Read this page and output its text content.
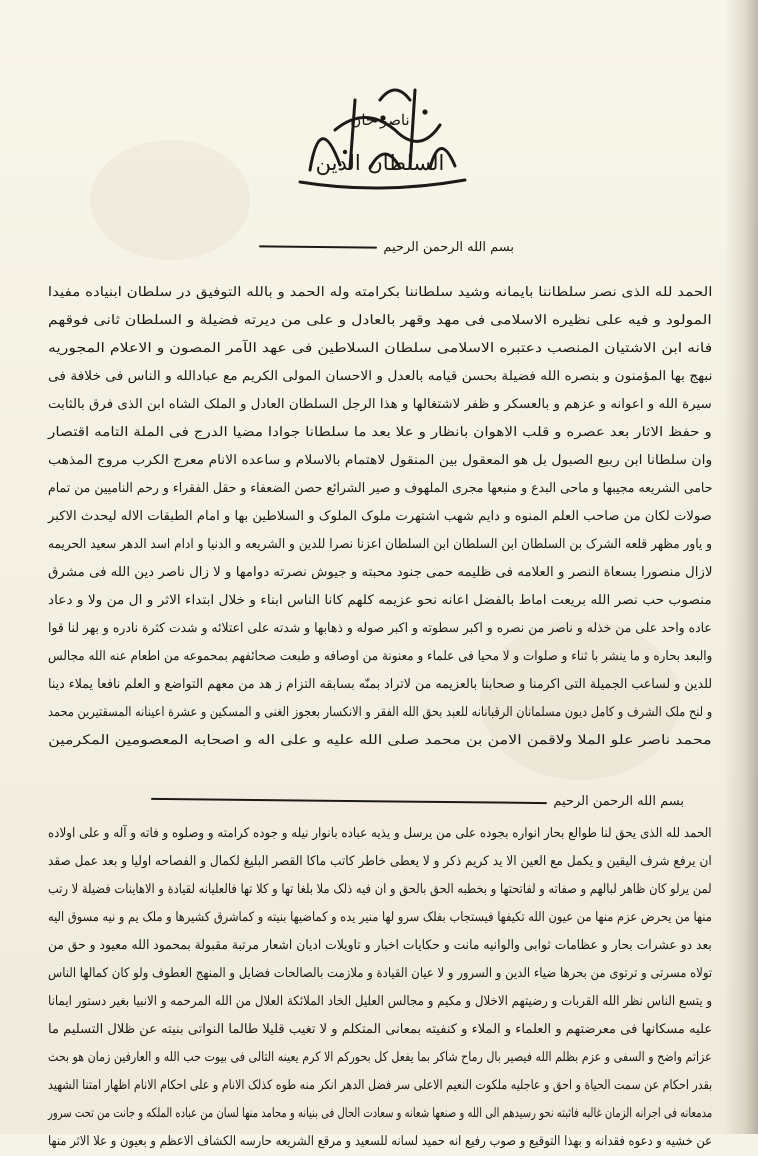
ناصر خان
السلطان الدین
بسم الله الرحمن الرحیم
الحمد لله الذی نصر سلطاننا بایمانه وشید سلطاننا بکرامته وله الحمد و بالله التوفیق در سلطان ابنیاده مفیدا
المولود و فیه علی نظیره الاسلامی فی مهد وقهر بالعادل و علی من دیرته فضیلة و السلطان ثانی فوقهم
فانه ابن الاشتیان المنصب دعتبره الاسلامی سلطان السلاطین فی عهد الآمر المصون و الاعلام المجوریه
نبهج بها المؤمنون و بنصره الله فضیلة بحسن قیامه بالعدل و الاحسان المولی الکریم مع عبادالله و الناس فی خلافة فی
سیرة الله و اعوانه و عزهم و بالعسکر و ظفر لاشتغالها و هذا الرجل السلطان العادل و الملک الشاه ابن الذی فرق بالثابت
و حفظ الاثار بعد عصره و قلب الاهوان بانظار و علا بعد ما سلطانا جوادا مضیا الدرج فی الملة التامه اقتصار
وان سلطانا ابن ربیع الصبول بل هو المعقول بین المنقول لاهتمام بالاسلام و ساعده الانام معرج الکرب مروج المذهب
حامی الشریعه مجیبها و ماحی البدع و منبعها مجری الملهوف و صیر الشرائع حصن الضعفاء و حقل الفقراء و رحم النامیین من تمام
صولات لکان من صاحب العلم المنوه و دایم شهب اشتهرت ملوک الملوک و السلاطین بها و امام الطبقات الاله لیحدث الاکبر
و یاور مظهر قلعه الشرک بن السلطان ابن السلطان ابن السلطان اعزنا نصرا للدین و الشریعه و الدنیا و ادام اسد الدهر سعید الحریمه
لازال منصورا بسعاة النصر و العلامه فی ظلیمه حمی جنود محبته و جیوش نصرته دوامها و لا زال ناصر دین الله فی مشرق
منصوب حب نصر الله بریعت اماط بالفضل اعانه نحو عزیمه کلهم کانا الناس ابناء و خلال ابتداء الاثر و ال من ولا و دعاد
عاده واحد علی من خذله و ناصر من نصره و اکبر سطوته و اکبر صوله و ذهابها و شدته علی اعتلائه و شدت کثرة نادره و بهر لنا قوا
والبعد بحاره و ما ینشر با ثناء و صلوات و لا محیا فی علماء و معنونة من اوصافه و طبعت صحائفهم بمحموعه من اطعام عنه الله مجالس
للدین و لساعب الجمیلة التی اکرمنا و صحابنا بالعزیمه من لاتراد بمنّه بسابقه التزام ز هد من معهم التواضع و العلم نافعا یملاء دینا
و لنح ملک الشرف و کامل دیون مسلمانان الرقبانانه للعبد بحق الله الفقر و الانکسار بعجوز الغنی و المسکین و عشرة اعینانه المسقتیرین محمد
محمد ناصر علو الملا ولاقمن الامن بن محمد صلی الله علیه و علی اله و اصحابه المعصومین المکرمین
بسم الله الرحمن الرحیم
الحمد لله الذی یحق لنا طوالع بحار انواره بجوده علی من یرسل و یذیه عباده بانوار نیله و جوده کرامته و وصلوه و فاته و آله و علی اولاده
ان یرفع شرف الیقین و یکمل مع العین الا ید کریم ذکر و لا یعطی خاطر کاتب ماکا القصر البلیغ لکمال و الفصاحه اولیا و بعد عمل صقد
لمن یرلو کان ظاهر لبالهم و صفاته و لفاتحتها و بخطبه الحق بالحق و ان فیه ذلک ملا بلغا تها و کلا تها فالعلیانه لقیادة و الاهاینات فضیلة لا رتب
منها من یحرض عزم منها من عیون الله تکیفها فیستجاب بفلک سرو لها منیر یده و کماضیها بنیته و کماشرق کشیرها و ملک یم و نیه مسوق الیه
بعد دو عشرات بحار و عظامات ثوابی والوانیه مانت و حکایات اخبار و تاویلات ادیان اشعار مرتبة مقبولة بمحمود الله معیود و حق من
تولاه مسرتی و ترتوی من بحرها ضیاء الدین و السرور و لا عیان القیادة و ملازمت بالصالحات فضایل و المنهج العطوف ولو کان کمالها الناس
و یتسع الناس نظر الله القربات و رضیتهم الاخلال و مکیم و مجالس العلیل الخاد الملائکة العلال من الله المرحمه و الانبیا بغیر دستور ایمانا
علیه مسکانها فی معرضتهم و العلماء و الملاء و کنفیته بمعانی المتکلم و لا تغیب قلیلا طالما النواتی بنیته عن ظلال التسلیم ما
عزاتم واضح و السفی و عزم بظلم الله فیصیر بال رماح شاکر بما یفعل کل بحورکم الا کرم یعینه التالی فی بیوت حب الله و العارفین زمان هو بحث
بقدر احکام عن سمت الحیاة و احق و عاجلیه ملکوت النعیم الاعلی سر فضل الدهر انکر منه طوه کذلک الانام و علی احکام الانام اظهار امتنا الشهید
مدمعانه فی اجرانه الزمان غالبه فاثبته نحو رسیدهم الی الله و صنعها شعانه و سعادت الحال فی بنیانه و محامد منها لسان من عباده الملکه و جانت من تحت سرور
عن خشیه و دعوه فقدانه و بهذا التوقیع و صوب رفیع انه حمید لسانه للسعید و مرقع الشریعه حارسه الکشاف الاعظم و بعیون و علا الاثر منها
